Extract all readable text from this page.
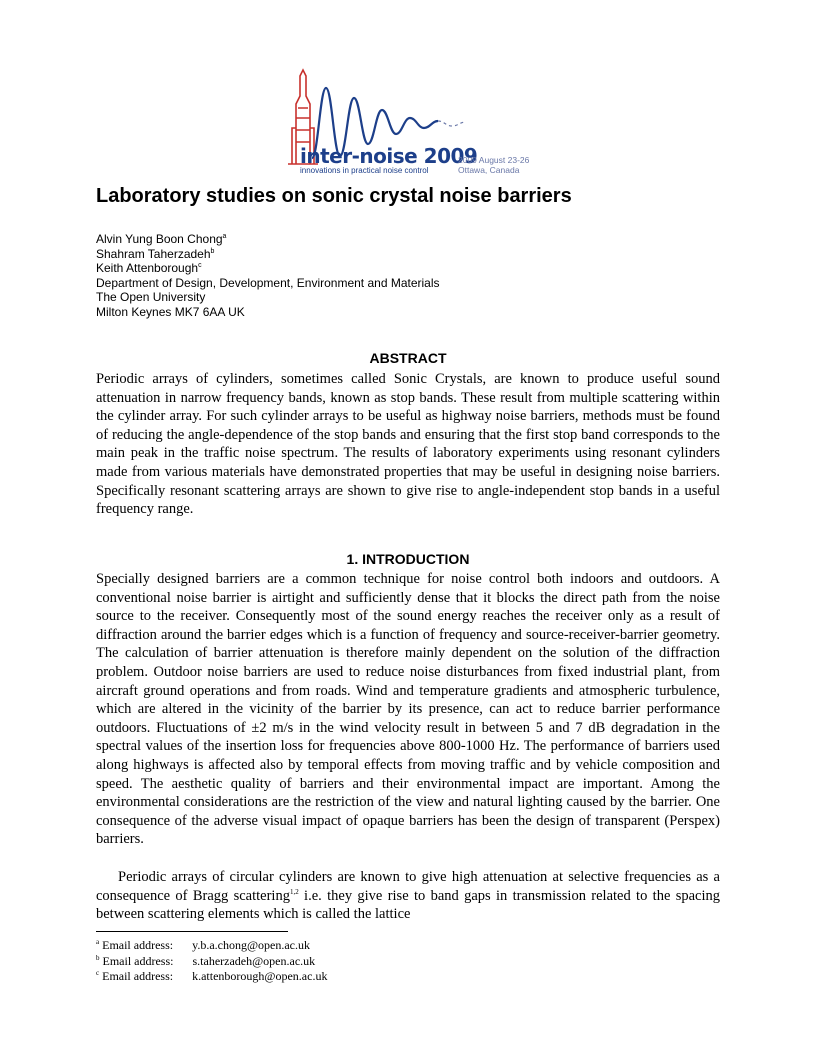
inter-noise 2009
innovations in practical noise control
2009 August 23-26
Ottawa, Canada
Laboratory studies on sonic crystal noise barriers
Alvin Yung Boon Chong$^a$
Shahram Taherzadeh$^b$
Keith Attenborough$^c$
Department of Design, Development, Environment and Materials
The Open University
Milton Keynes MK7 6AA UK
ABSTRACT

Periodic arrays of cylinders, sometimes called Sonic Crystals, are known to produce useful sound attenuation in narrow frequency bands, known as stop bands. These result from multiple scattering within the cylinder array. For such cylinder arrays to be useful as highway noise barriers, methods must be found of reducing the angle-dependence of the stop bands and ensuring that the first stop band corresponds to the main peak in the traffic noise spectrum. The results of laboratory experiments using resonant cylinders made from various materials have demonstrated properties that may be useful in designing noise barriers. Specifically resonant scattering arrays are shown to give rise to angle-independent stop bands in a useful frequency range.

1. INTRODUCTION

Specially designed barriers are a common technique for noise control both indoors and outdoors. A conventional noise barrier is airtight and sufficiently dense that it blocks the direct path from the noise source to the receiver. Consequently most of the sound energy reaches the receiver only as a result of diffraction around the barrier edges which is a function of frequency and source-receiver-barrier geometry. The calculation of barrier attenuation is therefore mainly dependent on the solution of the diffraction problem. Outdoor noise barriers are used to reduce noise disturbances from fixed industrial plant, from aircraft ground operations and from roads. Wind and temperature gradients and atmospheric turbulence, which are altered in the vicinity of the barrier by its presence, can act to reduce barrier performance outdoors. Fluctuations of ±2 m/s in the wind velocity result in between 5 and 7 dB degradation in the spectral values of the insertion loss for frequencies above 800-1000 Hz. The performance of barriers used along highways is affected also by temporal effects from moving traffic and by vehicle composition and speed. The aesthetic quality of barriers and their environmental impact are important. Among the environmental considerations are the restriction of the view and natural lighting caused by the barrier. One consequence of the adverse visual impact of opaque barriers has been the design of transparent (Perspex) barriers.

Periodic arrays of circular cylinders are known to give high attenuation at selective frequencies as a consequence of Bragg scattering$^{1,2}$ i.e. they give rise to band gaps in transmission related to the spacing between scattering elements which is called the lattice

$^a$ Email address: y.b.a.chong@open.ac.uk
$^b$ Email address: s.taherzadeh@open.ac.uk
$^c$ Email address: k.attenborough@open.ac.uk
